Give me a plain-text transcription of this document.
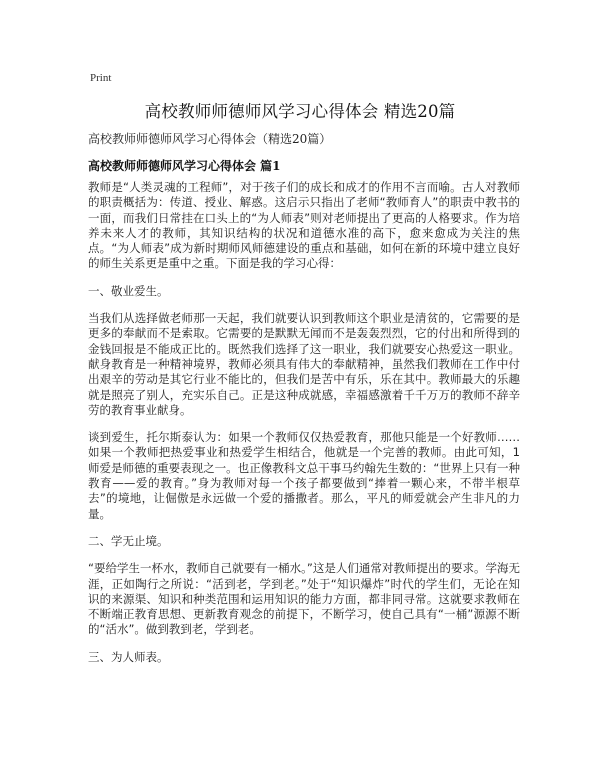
Print
高校教师师德师风学习心得体会 精选20篇
高校教师师德师风学习心得体会（精选20篇）
高校教师师德师风学习心得体会 篇1

教师是“人类灵魂的工程师”，对于孩子们的成长和成才的作用不言而喻。古人对教师的职责概括为：传道、授业、解惑。这启示只指出了老师“教师育人”的职责中教书的一面，而我们日常挂在口头上的“为人师表”则对老师提出了更高的人格要求。作为培养未来人才的教师，其知识结构的状况和道德水准的高下，愈来愈成为关注的焦点。“为人师表”成为新时期师风师德建设的重点和基础，如何在新的环境中建立良好的师生关系更是重中之重。下面是我的学习心得：

一、敬业爱生。

当我们从选择做老师那一天起，我们就要认识到教师这个职业是清贫的，它需要的是更多的奉献而不是索取。它需要的是默默无闻而不是轰轰烈烈，它的付出和所得到的金钱回报是不能成正比的。既然我们选择了这一职业，我们就要安心热爱这一职业。献身教育是一种精神境界，教师必须具有伟大的奉献精神，虽然我们教师在工作中付出艰辛的劳动是其它行业不能比的，但我们是苦中有乐，乐在其中。教师最大的乐趣就是照亮了别人，充实乐自己。正是这种成就感，幸福感激着千千万万的教师不辞辛劳的教育事业献身。

谈到爱生，托尔斯泰认为：如果一个教师仅仅热爱教育，那他只能是一个好教师……如果一个教师把热爱事业和热爱学生相结合，他就是一个完善的教师。由此可知，1师爱是师德的重要表现之一。也正像教科文总干事马约翰先生数的：“世界上只有一种教育——爱的教育。”身为教师对每一个孩子都要做到“捧着一颗心来，不带半根草去”的境地，让倔傲是永远做一个爱的播撒者。那么，平凡的师爱就会产生非凡的力量。

二、学无止境。

“要给学生一杯水，教师自己就要有一桶水。”这是人们通常对教师提出的要求。学海无涯，正如陶行之所说：“活到老，学到老。”处于“知识爆炸”时代的学生们，无论在知识的来源渠、知识和种类范围和运用知识的能力方面，都非同寻常。这就要求教师在不断端正教育思想、更新教育观念的前提下，不断学习，使自己具有“一桶”源源不断的“活水”。做到教到老，学到老。

三、为人师表。
